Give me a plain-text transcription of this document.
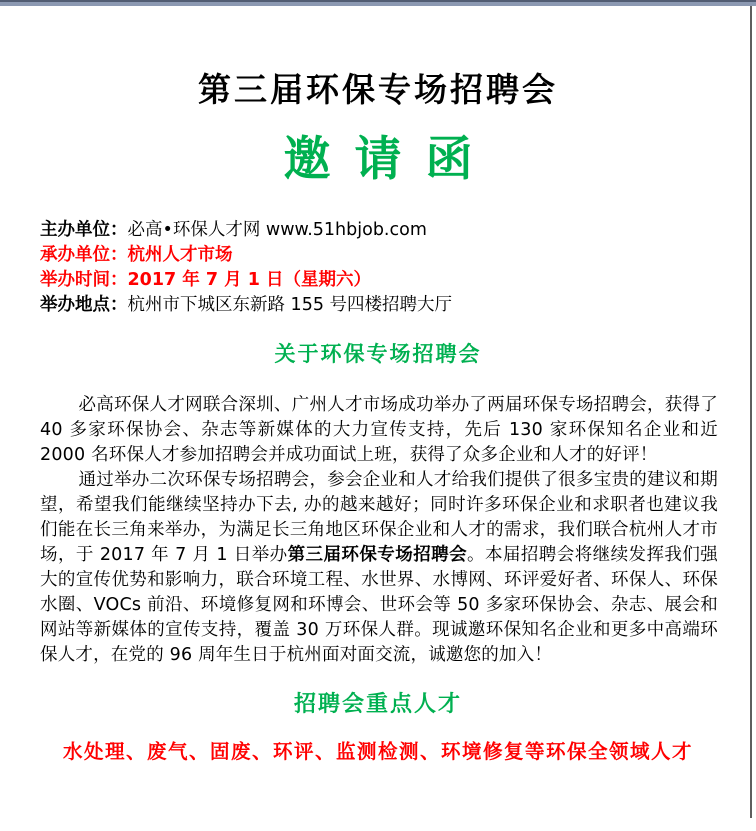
第三届环保专场招聘会
邀请函
主办单位：必高•环保人才网 www.51hbjob.com
承办单位：杭州人才市场
举办时间：2017 年 7 月 1 日（星期六）
举办地点：杭州市下城区东新路 155 号四楼招聘大厅
关于环保专场招聘会

必高环保人才网联合深圳、广州人才市场成功举办了两届环保专场招聘会，获得了 40 多家环保协会、杂志等新媒体的大力宣传支持，先后 130 家环保知名企业和近 2000 名环保人才参加招聘会并成功面试上班，获得了众多企业和人才的好评！

通过举办二次环保专场招聘会，参会企业和人才给我们提供了很多宝贵的建议和期望，希望我们能继续坚持办下去, 办的越来越好；同时许多环保企业和求职者也建议我们能在长三角来举办，为满足长三角地区环保企业和人才的需求，我们联合杭州人才市场，于 2017 年 7 月 1 日举办第三届环保专场招聘会。本届招聘会将继续发挥我们强大的宣传优势和影响力，联合环境工程、水世界、水博网、环评爱好者、环保人、环保水圈、VOCs 前沿、环境修复网和环博会、世环会等 50 多家环保协会、杂志、展会和网站等新媒体的宣传支持，覆盖 30 万环保人群。现诚邀环保知名企业和更多中高端环保人才，在党的 96 周年生日于杭州面对面交流，诚邀您的加入！

招聘会重点人才
水处理、废气、固废、环评、监测检测、环境修复等环保全领域人才
